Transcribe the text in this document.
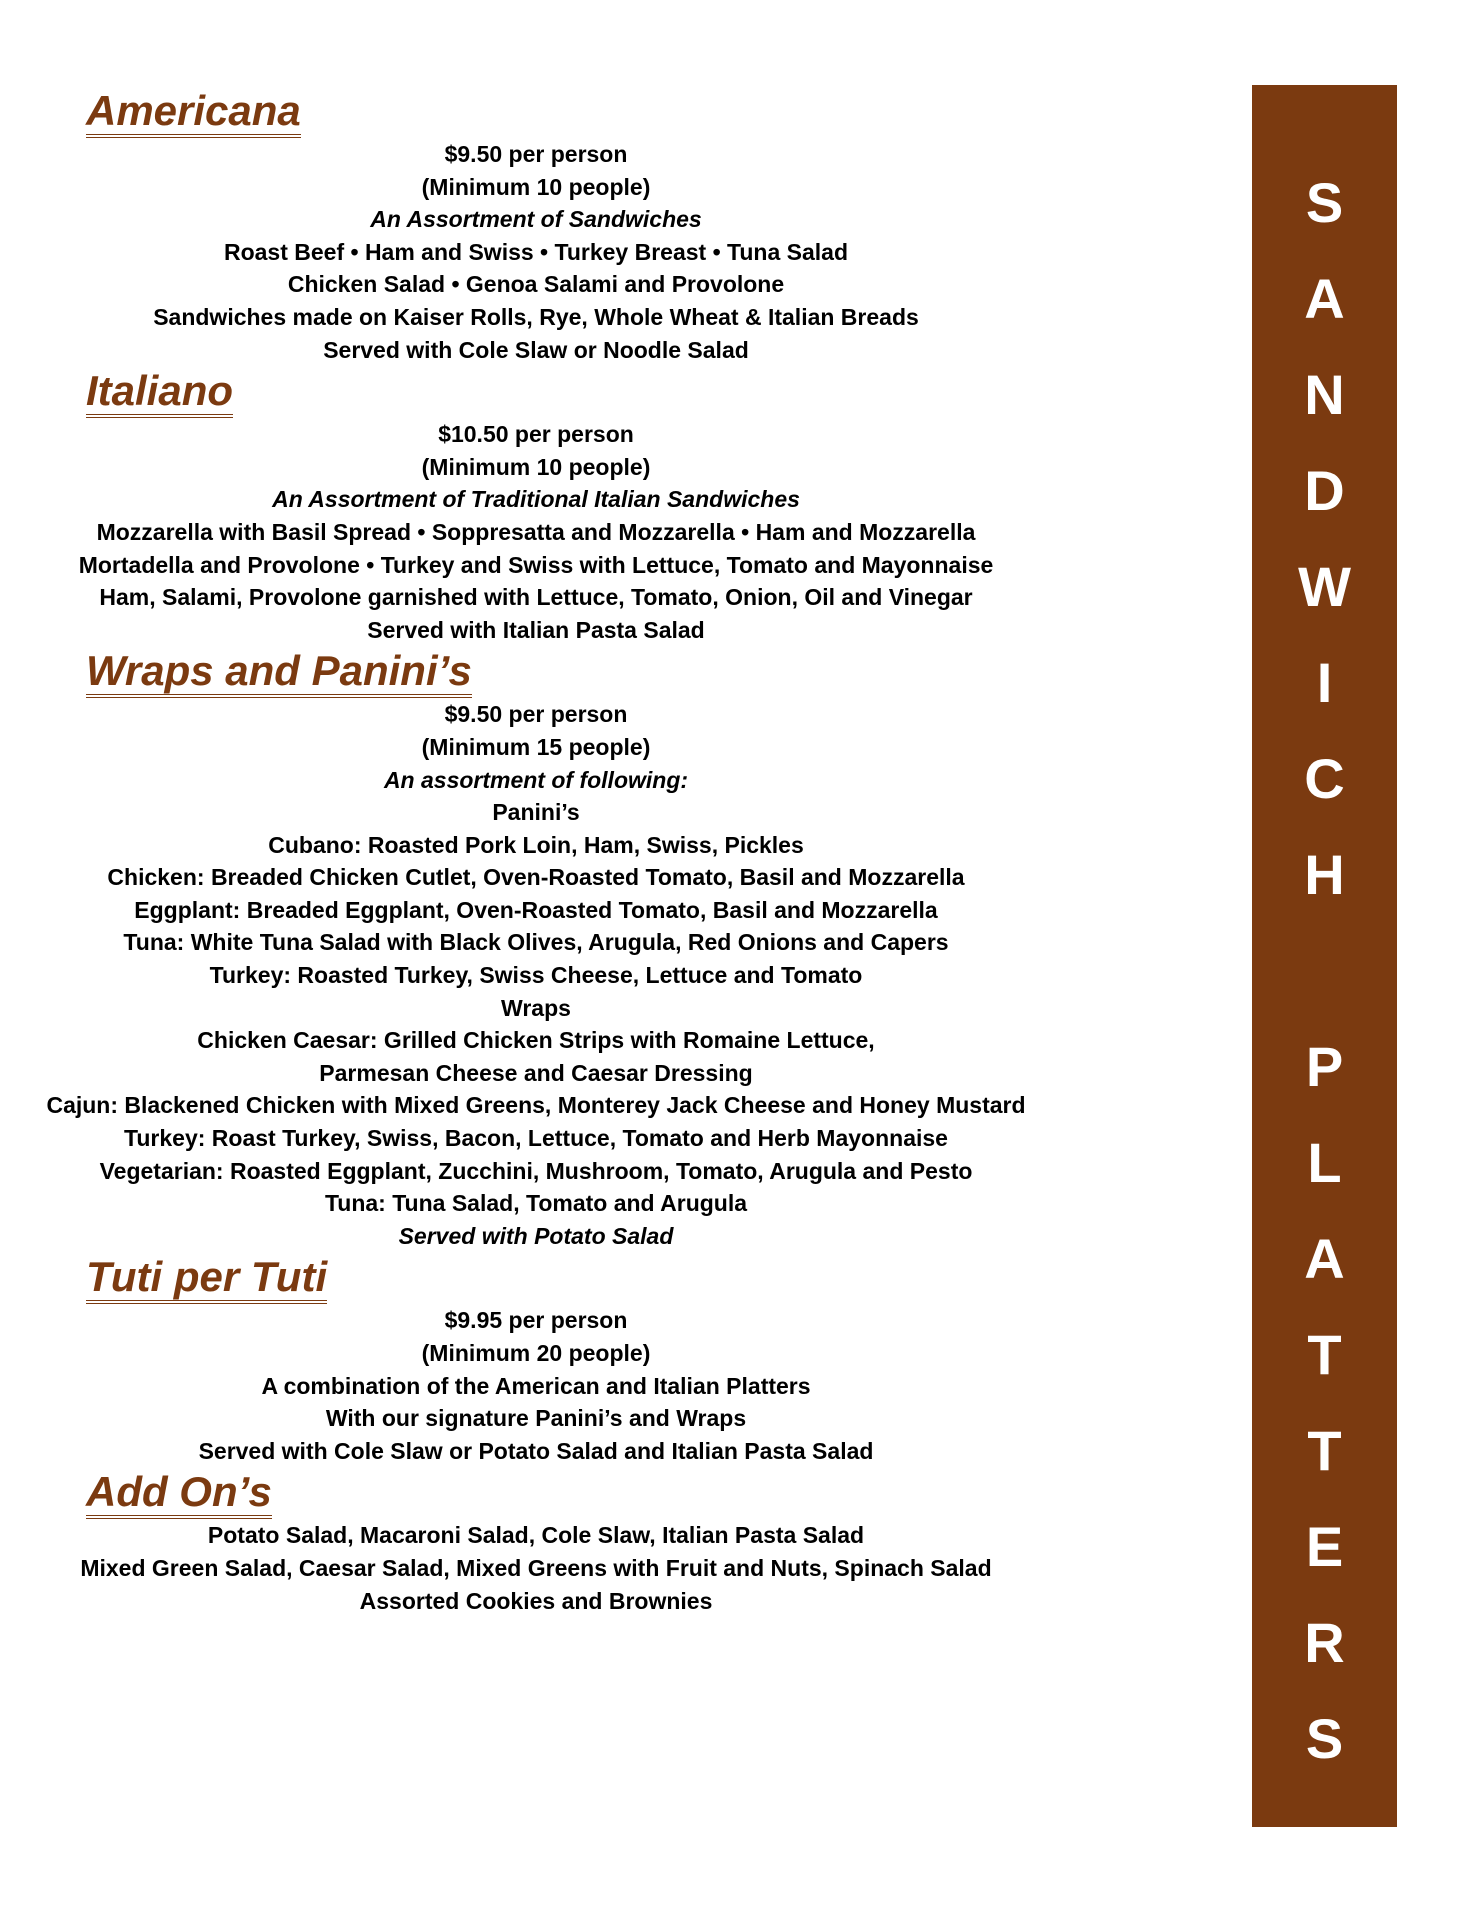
Americana
$9.50 per person
(Minimum 10 people)
An Assortment of Sandwiches
Roast Beef • Ham and Swiss • Turkey Breast • Tuna Salad
Chicken Salad • Genoa Salami and Provolone
Sandwiches made on Kaiser Rolls, Rye, Whole Wheat & Italian Breads
Served with Cole Slaw or Noodle Salad
Italiano
$10.50 per person
(Minimum 10 people)
An Assortment of Traditional Italian Sandwiches
Mozzarella with Basil Spread • Soppresatta and Mozzarella • Ham and Mozzarella
Mortadella and Provolone • Turkey and Swiss with Lettuce, Tomato and Mayonnaise
Ham, Salami, Provolone garnished with Lettuce, Tomato, Onion, Oil and Vinegar
Served with Italian Pasta Salad
Wraps and Panini’s
$9.50 per person
(Minimum 15 people)
An assortment of following:
Panini’s
Cubano: Roasted Pork Loin, Ham, Swiss, Pickles
Chicken: Breaded Chicken Cutlet, Oven-Roasted Tomato, Basil and Mozzarella
Eggplant: Breaded Eggplant, Oven-Roasted Tomato, Basil and Mozzarella
Tuna: White Tuna Salad with Black Olives, Arugula, Red Onions and Capers
Turkey: Roasted Turkey, Swiss Cheese, Lettuce and Tomato
Wraps
Chicken Caesar: Grilled Chicken Strips with Romaine Lettuce,
Parmesan Cheese and Caesar Dressing
Cajun: Blackened Chicken with Mixed Greens, Monterey Jack Cheese and Honey Mustard
Turkey: Roast Turkey, Swiss, Bacon, Lettuce, Tomato and Herb Mayonnaise
Vegetarian: Roasted Eggplant, Zucchini, Mushroom, Tomato, Arugula and Pesto
Tuna: Tuna Salad, Tomato and Arugula
Served with Potato Salad
Tuti per Tuti
$9.95 per person
(Minimum 20 people)
A combination of the American and Italian Platters
With our signature Panini’s and Wraps
Served with Cole Slaw or Potato Salad and Italian Pasta Salad
Add On’s
Potato Salad, Macaroni Salad, Cole Slaw, Italian Pasta Salad
Mixed Green Salad, Caesar Salad, Mixed Greens with Fruit and Nuts, Spinach Salad
Assorted Cookies and Brownies
S
A
N
D
W
I
C
H
P
L
A
T
T
E
R
S
